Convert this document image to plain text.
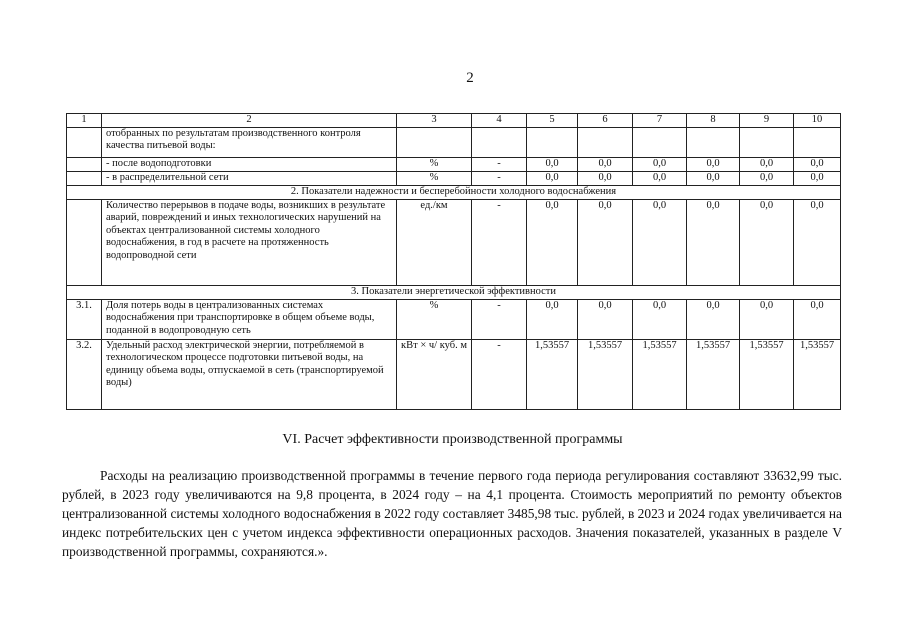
2
1	2	3	4	5	6	7	8	9	10
	отобранных по результатам производственного контроля качества питьевой воды:								
	- после водоподготовки	%	-	0,0	0,0	0,0	0,0	0,0	0,0
	- в распределительной сети	%	-	0,0	0,0	0,0	0,0	0,0	0,0
2. Показатели надежности и бесперебойности холодного водоснабжения									
	Количество перерывов в подаче воды, возникших в результате аварий, повреждений и иных технологических нарушений на объектах централизованной системы холодного водоснабжения, в год в расчете на протяженность водопроводной сети	ед./км	-	0,0	0,0	0,0	0,0	0,0	0,0
3. Показатели энергетической эффективности									
3.1.	Доля потерь воды в централизованных системах водоснабжения при транспортировке в общем объеме воды, поданной в водопроводную сеть	%	-	0,0	0,0	0,0	0,0	0,0	0,0
3.2.	Удельный расход электрической энергии, потребляемой в технологическом процессе подготовки питьевой воды, на единицу объема воды, отпускаемой в сеть (транспортируемой воды)	кВт × ч/ куб. м	-	1,53557	1,53557	1,53557	1,53557	1,53557	1,53557
VI. Расчет эффективности производственной программы
Расходы на реализацию производственной программы в течение первого года периода регулирования составляют 33632,99 тыс. рублей, в 2023 году увеличиваются на 9,8 процента, в 2024 году – на 4,1 процента. Стоимость мероприятий по ремонту объектов централизованной системы холодного водоснабжения в 2022 году составляет 3485,98 тыс. рублей, в 2023 и 2024 годах увеличивается на индекс потребительских цен с учетом индекса эффективности операционных расходов. Значения показателей, указанных в разделе V производственной программы, сохраняются.».
